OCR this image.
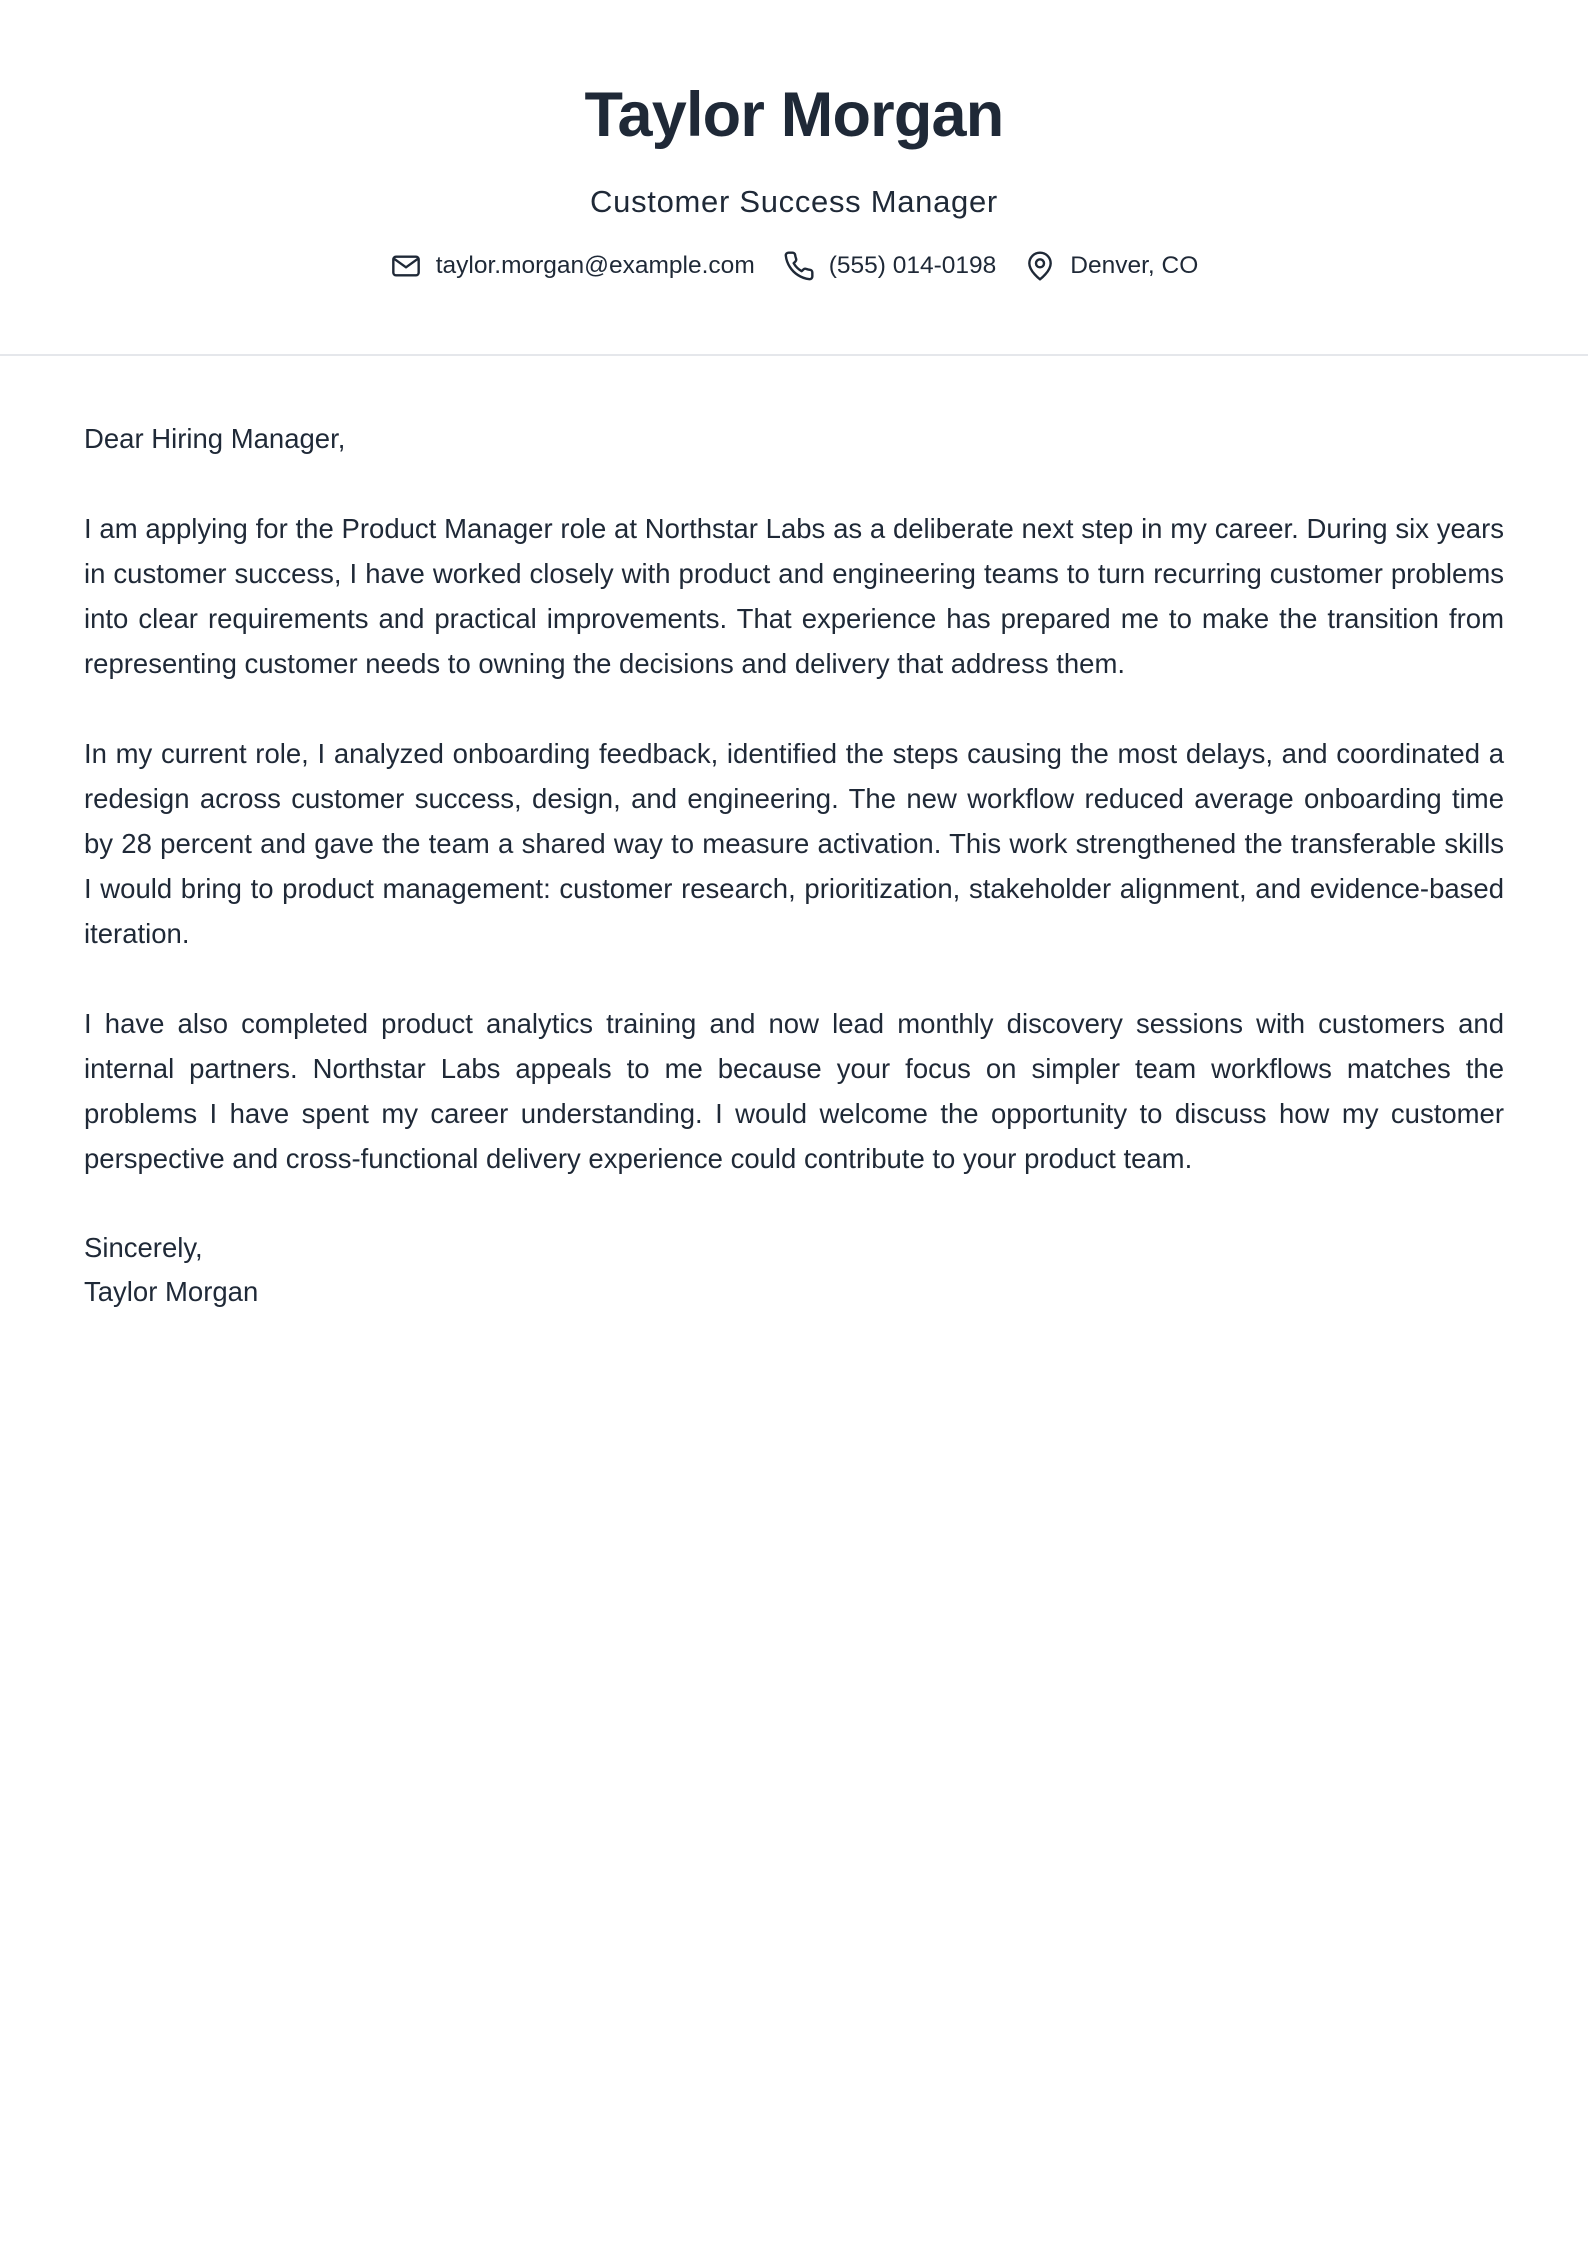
Taylor Morgan
Customer Success Manager
taylor.morgan@example.com	(555) 014-0198	Denver, CO

Dear Hiring Manager,

I am applying for the Product Manager role at Northstar Labs as a deliberate next step in my career. During six years in customer success, I have worked closely with product and engineering teams to turn recurring customer problems into clear requirements and practical improvements. That experience has prepared me to make the transition from representing customer needs to owning the decisions and delivery that address them.

In my current role, I analyzed onboarding feedback, identified the steps causing the most delays, and coordinated a redesign across customer success, design, and engineering. The new workflow reduced average onboarding time by 28 percent and gave the team a shared way to measure activation. This work strengthened the transferable skills I would bring to product management: customer research, prioritization, stakeholder alignment, and evidence-based iteration.

I have also completed product analytics training and now lead monthly discovery sessions with customers and internal partners. Northstar Labs appeals to me because your focus on simpler team workflows matches the problems I have spent my career understanding. I would welcome the opportunity to discuss how my customer perspective and cross-functional delivery experience could contribute to your product team.

Sincerely,
Taylor Morgan
